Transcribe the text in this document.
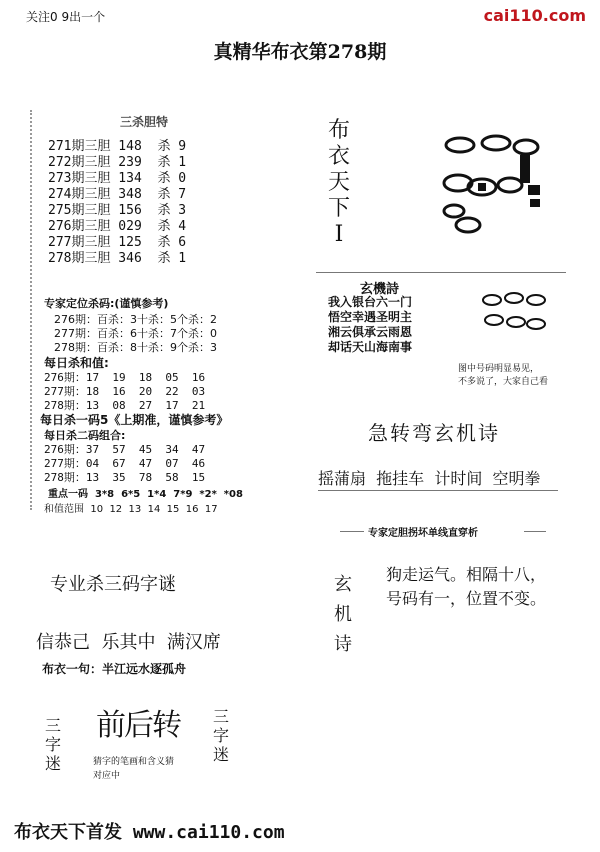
关注0 9出一个	cai110.com
真精华布衣第278期
三杀胆特
271期三胆 148  杀 9
272期三胆 239  杀 1
273期三胆 134  杀 0
274期三胆 348  杀 7
275期三胆 156  杀 3
276期三胆 029  杀 4
277期三胆 125  杀 6
278期三胆 346  杀 1
专家定位杀码:(谨慎参考)
276期：百杀：3十杀：5个杀：2
277期：百杀：6十杀：7个杀：0
278期：百杀：8十杀：9个杀：3
每日杀和值:
276期：17  19  18  05  16
277期：18  16  20  22  03
278期：13  08  27  17  21
每日杀一码5《上期准，谨慎参考》
每日杀二码组合:
276期：37  57  45  34  47
277期：04  67  47  07  46
278期：13  35  78  58  15
重点一码  3*8  6*5  1*4  7*9  *2*  *08
和值范围  10  12  13  14  15  16  17
专业杀三码字谜
信恭己  乐其中  满汉席
布衣一句：半江远水逐孤舟
三
字
迷
前后转	三
字
迷
猜字的笔画和含义猜
对应中
布
衣
天
下
I
玄機詩
我入银台六一门
悟空幸遇圣明主
湘云俱承云雨恩
却话天山海南事
图中号码明显易见，
不多说了，大家自己看
急转弯玄机诗
摇蒲扇  拖挂车  计时间  空明拳
专家定胆拐坏单线直穿析
玄
机
诗
狗走运气。相隔十八，
号码有一，位置不变。
布衣天下首发 www.cai110.com
